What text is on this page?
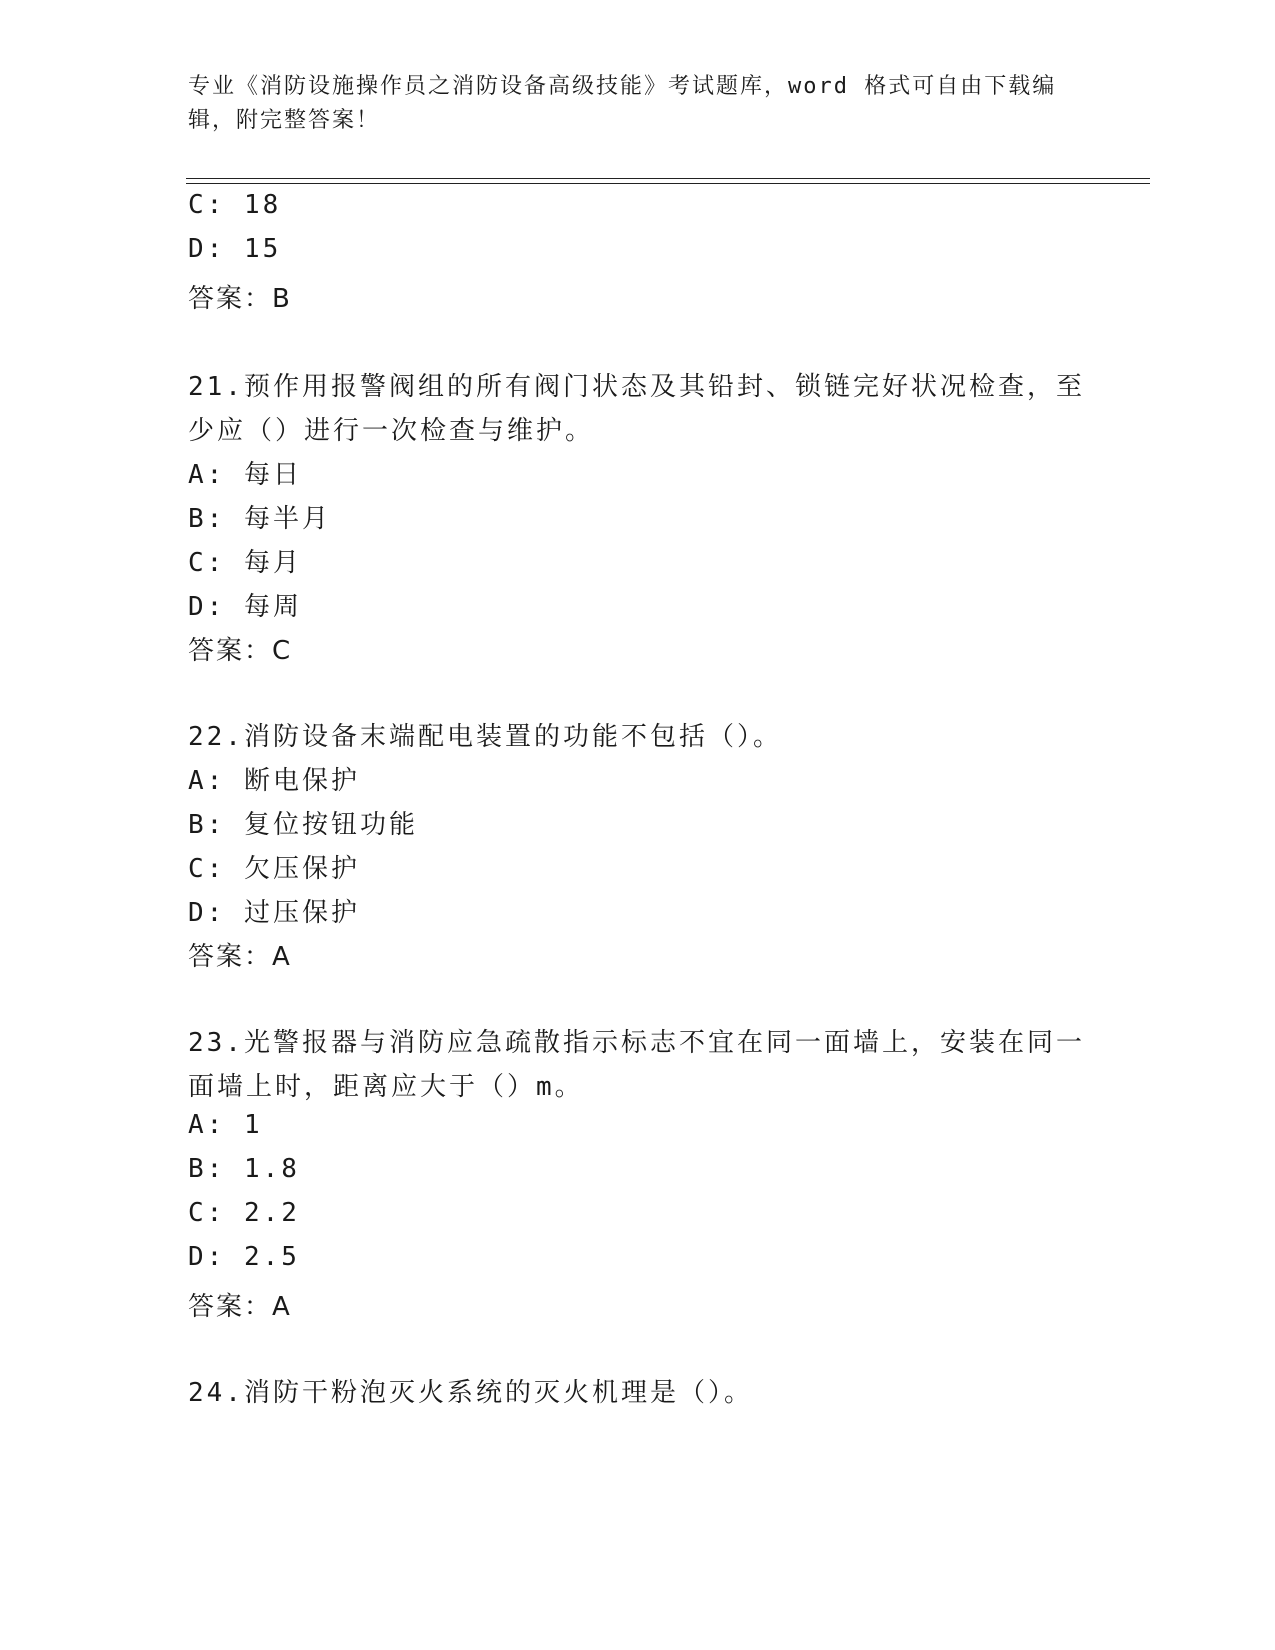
专业《消防设施操作员之消防设备高级技能》考试题库，word 格式可自由下载编
辑，附完整答案！
C: 18
D: 15
答案：B
21.预作用报警阀组的所有阀门状态及其铅封、锁链完好状况检查，至
少应（）进行一次检查与维护。
A: 每日
B: 每半月
C: 每月
D: 每周
答案：C
22.消防设备末端配电装置的功能不包括（）。
A: 断电保护
B: 复位按钮功能
C: 欠压保护
D: 过压保护
答案：A
23.光警报器与消防应急疏散指示标志不宜在同一面墙上，安装在同一
面墙上时，距离应大于（）m。
A: 1
B: 1.8
C: 2.2
D: 2.5
答案：A
24.消防干粉泡灭火系统的灭火机理是（）。
